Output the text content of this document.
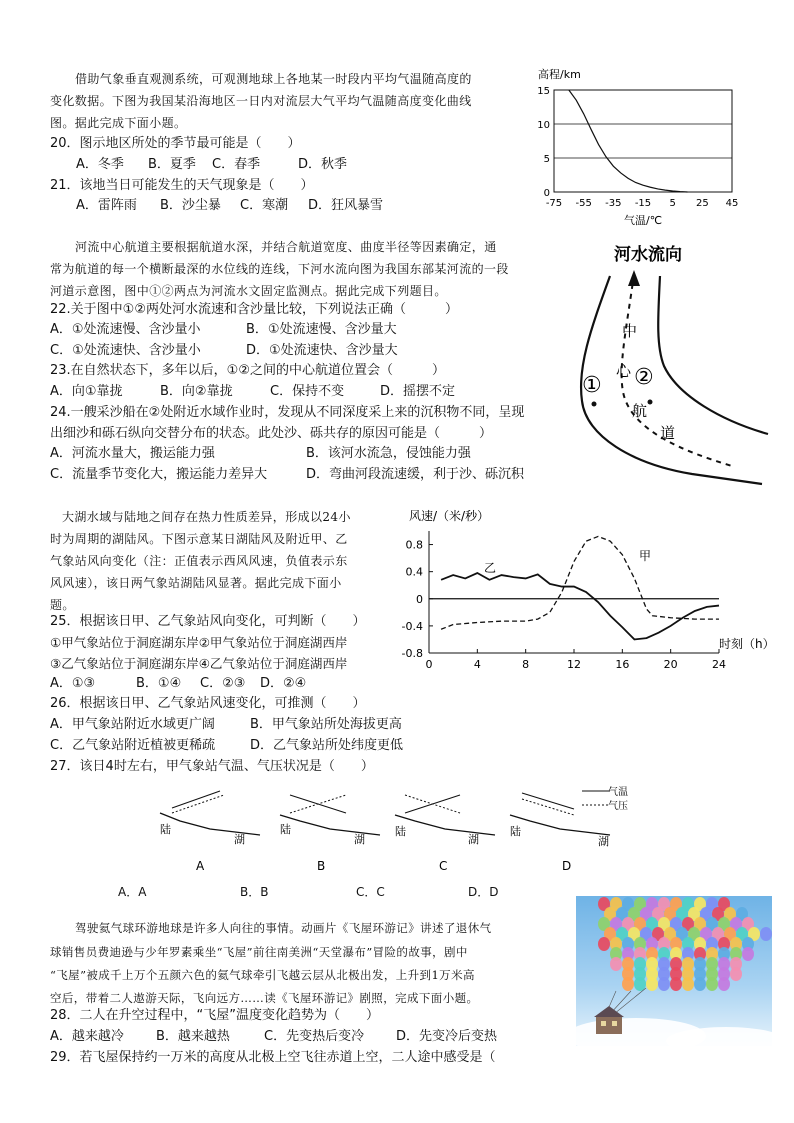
借助气象垂直观测系统，可观测地球上各地某一时段内平均气温随高度的
变化数据。下图为我国某沿海地区一日内对流层大气平均气温随高度变化曲线
图。据此完成下面小题。
20．图示地区所处的季节最可能是（　　）
A．冬季 B．夏季 C．春季	D．秋季
21．该地当日可能发生的天气现象是（　　）
A．雷阵雨 B．沙尘暴 C．寒潮 D．狂风暴雪
高程/km
-75 -55 -35 -15 5 25 45
15
10
5
0
气温/℃
河流中心航道主要根据航道水深，并结合航道宽度、曲度半径等因素确定，通
常为航道的每一个横断最深的水位线的连线，下河水流向图为我国东部某河流的一段
河道示意图，图中①②两点为河流水文固定监测点。据此完成下列题目。
22.关于图中①②两处河水流速和含沙量比较，下列说法正确（　　　）
A．①处流速慢、含沙量小	B．①处流速慢、含沙量大
C．①处流速快、含沙量小	D．①处流速快、含沙量大
23.在自然状态下，多年以后，①②之间的中心航道位置会（　　　）
A．向①靠拢	B．向②靠拢	C．保持不变	D．摇摆不定
24.一艘采沙船在②处附近水域作业时，发现从不同深度采上来的沉积物不同，呈现
出细沙和砾石纵向交替分布的状态。此处沙、砾共存的原因可能是（　　　）
A．河流水量大，搬运能力强	B．该河水流急，侵蚀能力强
C．流量季节变化大，搬运能力差异大	D．弯曲河段流速缓，利于沙、砾沉积
河水流向
中
心
航
道
① ②
大湖水域与陆地之间存在热力性质差异，形成以24小
时为周期的湖陆风。下图示意某日湖陆风及附近甲、乙
气象站风向变化（注：正值表示西风风速，负值表示东
风风速），该日两气象站湖陆风显著。据此完成下面小
题。
25．根据该日甲、乙气象站风向变化，可判断（　　）
①甲气象站位于洞庭湖东岸②甲气象站位于洞庭湖西岸
③乙气象站位于洞庭湖东岸④乙气象站位于洞庭湖西岸
A．①③	B．①④ C．②③ D．②④
26．根据该日甲、乙气象站风速变化，可推测（　　）
A．甲气象站附近水域更广阔	B．甲气象站所处海拔更高
C．乙气象站附近植被更稀疏	D．乙气象站所处纬度更低
27．该日4时左右，甲气象站气温、气压状况是（　　）
风速/（米/秒）
0.8
0.4
0
-0.4
-0.8
0	4	8	12	16	20	24
甲
乙
时刻（h）
气温
气压
陆
湖
陆
湖
陆
湖
陆
湖
A	B	C	D
A．A	B．B	C．C	D．D
驾驶氦气球环游地球是许多人向往的事情。动画片《飞屋环游记》讲述了退休气
球销售员费迪逊与少年罗素乘坐“飞屋”前往南美洲“天堂瀑布”冒险的故事，剧中
“飞屋”被成千上万个五颜六色的氦气球牵引飞越云层从北极出发，上升到1万米高
空后，带着二人遨游天际，飞向远方……读《飞屋环游记》剧照，完成下面小题。
28．二人在升空过程中，“飞屋”温度变化趋势为（　　）
A．越来越冷 B．越来越热	C．先变热后变冷 D．先变冷后变热
29．若飞屋保持约一万米的高度从北极上空飞往赤道上空，二人途中感受是（
